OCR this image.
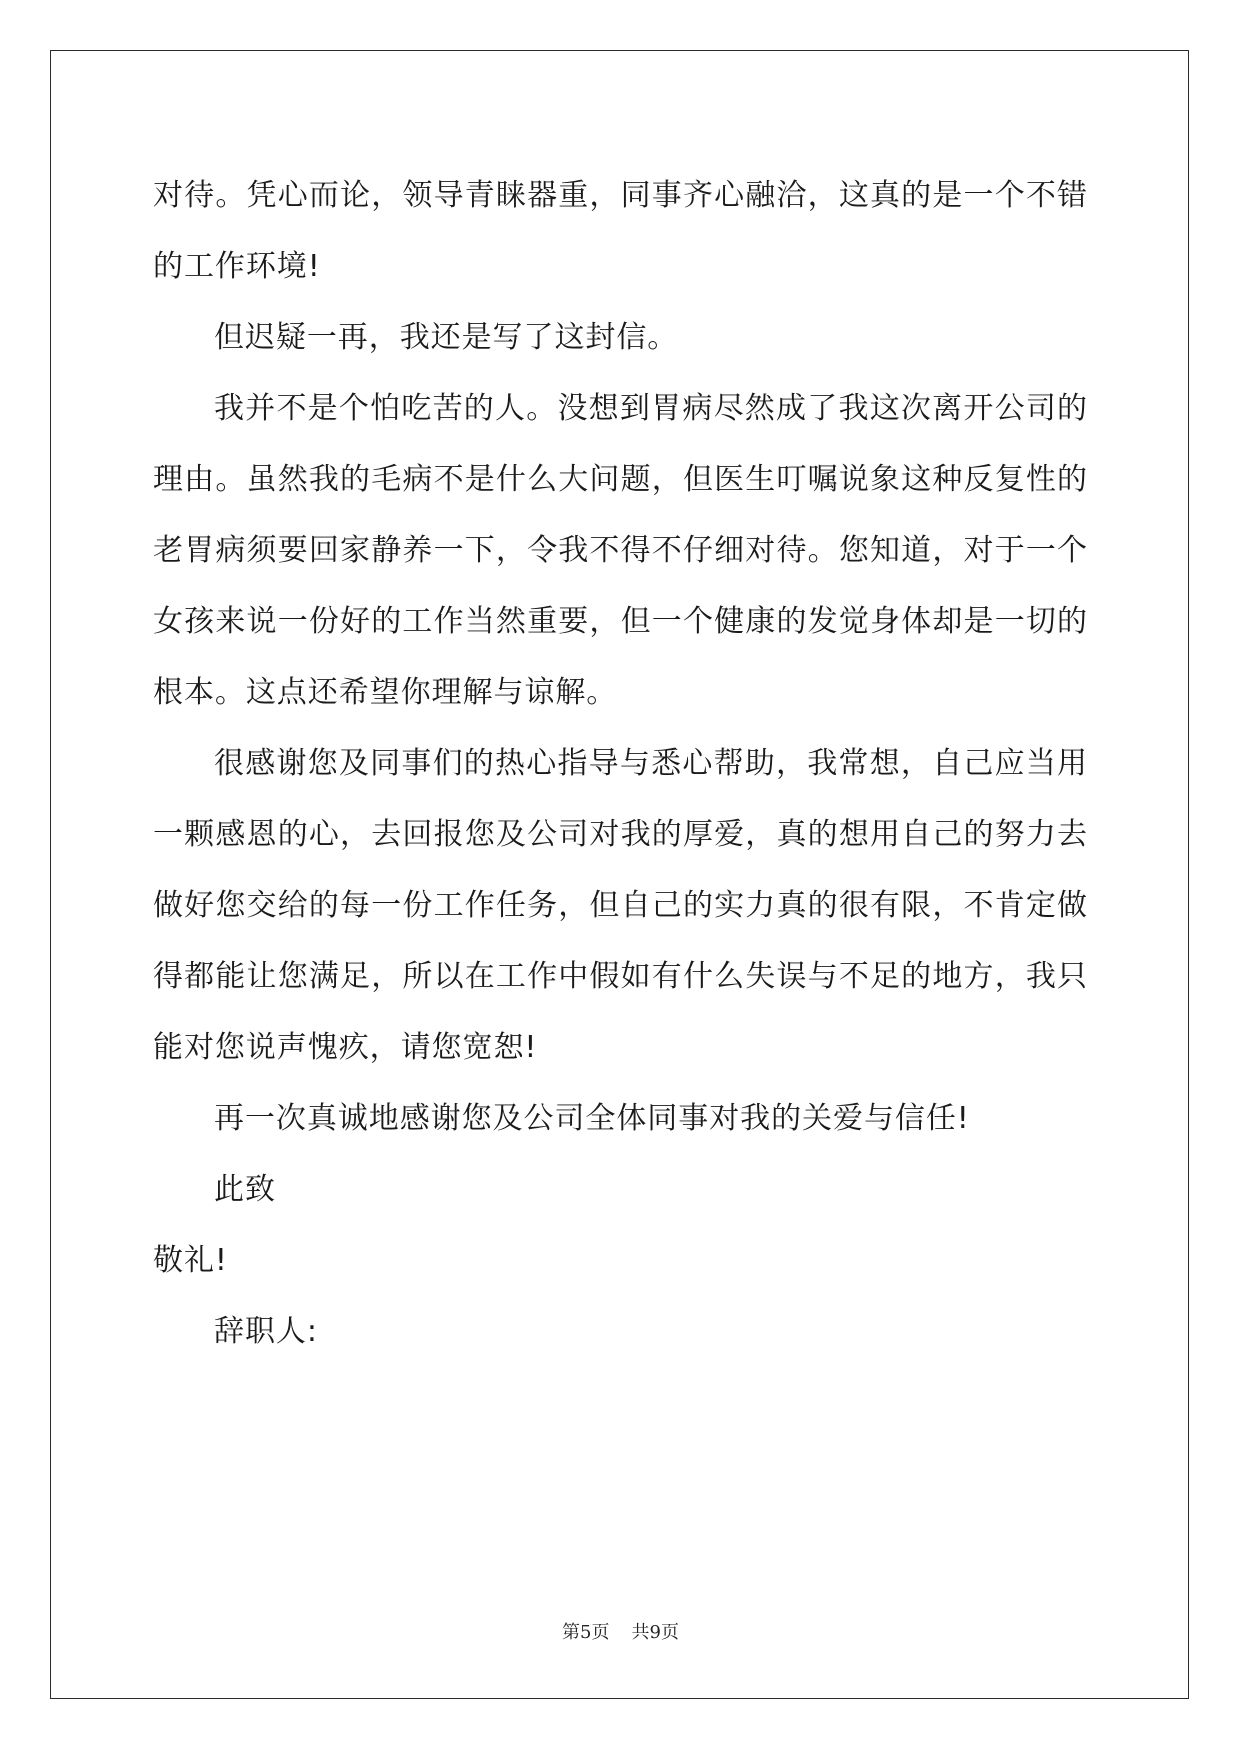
对待。凭心而论，领导青睐器重，同事齐心融洽，这真的是一个不错
的工作环境!
但迟疑一再，我还是写了这封信。
我并不是个怕吃苦的人。没想到胃病尽然成了我这次离开公司的
理由。虽然我的毛病不是什么大问题，但医生叮嘱说象这种反复性的
老胃病须要回家静养一下，令我不得不仔细对待。您知道，对于一个
女孩来说一份好的工作当然重要，但一个健康的发觉身体却是一切的
根本。这点还希望你理解与谅解。
很感谢您及同事们的热心指导与悉心帮助，我常想，自己应当用
一颗感恩的心，去回报您及公司对我的厚爱，真的想用自己的努力去
做好您交给的每一份工作任务，但自己的实力真的很有限，不肯定做
得都能让您满足，所以在工作中假如有什么失误与不足的地方，我只
能对您说声愧疚，请您宽恕!
再一次真诚地感谢您及公司全体同事对我的关爱与信任!
此致
敬礼!
辞职人:
第5页 共9页
